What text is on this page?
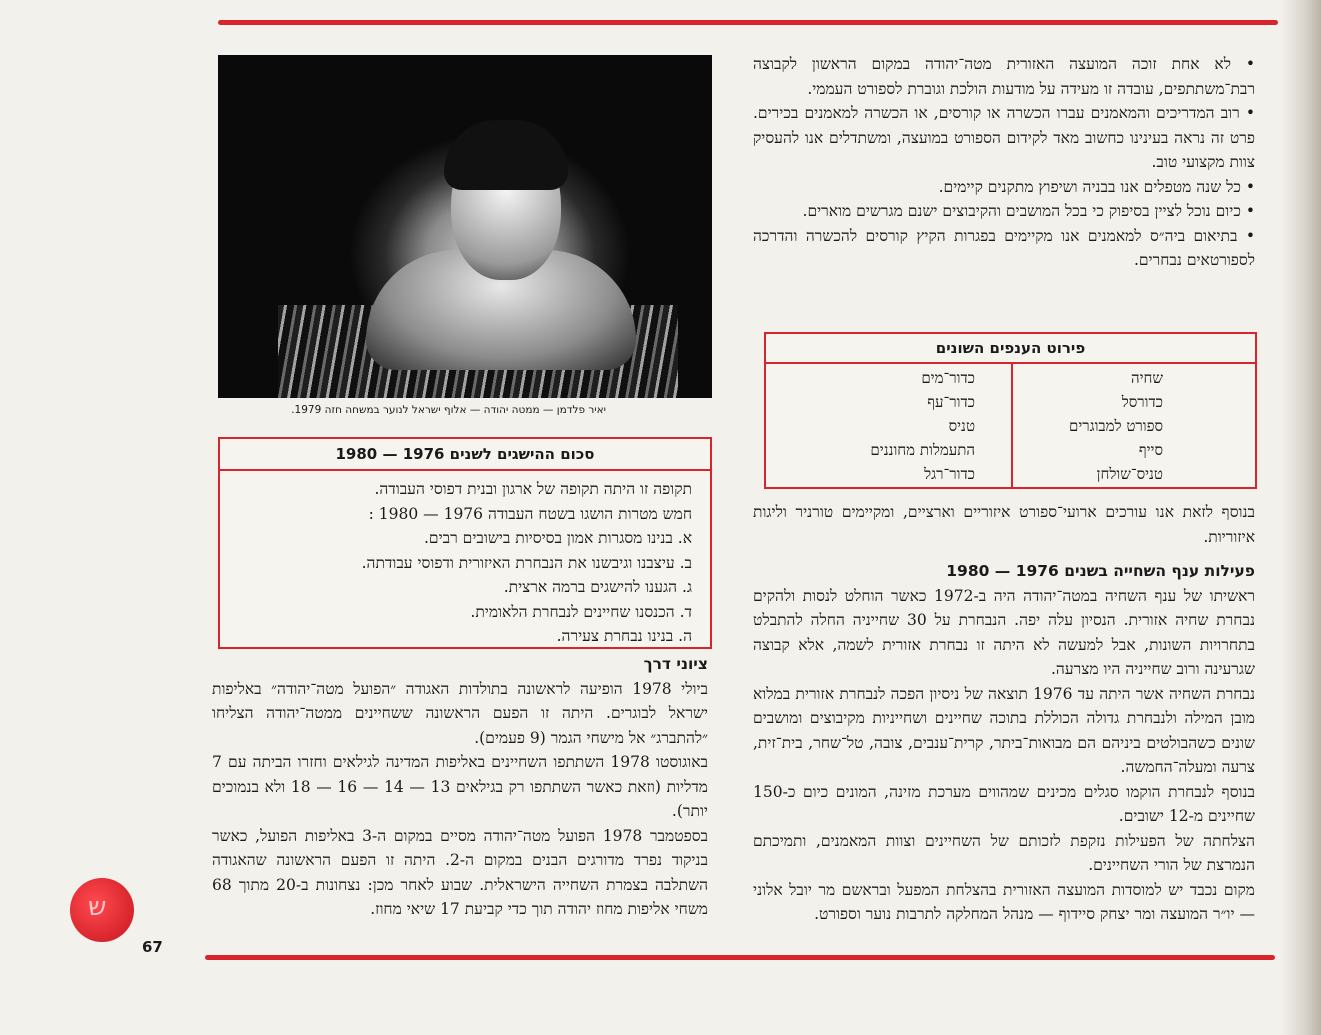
• לא אחת זוכה המועצה האזורית מטה־יהודה במקום הראשון לקבוצה רבת־משתתפים, עובדה זו מעידה על מודעות הולכת וגוברת לספורט העממי.

• רוב המדריכים והמאמנים עברו הכשרה או קורסים, או הכשרה למאמנים בכירים. פרט זה נראה בעינינו כחשוב מאד לקידום הספורט במועצה, ומשתדלים אנו להעסיק צוות מקצועי טוב.

• כל שנה מטפלים אנו בבניה ושיפוץ מתקנים קיימים.

• כיום נוכל לציין בסיפוק כי בכל המושבים והקיבוצים ישנם מגרשים מוארים.

• בתיאום ביה״ס למאמנים אנו מקיימים בפגרות הקיץ קורסים להכשרה והדרכה לספורטאים נבחרים.

פירוט הענפים השונים
שחיה
כדורסל
ספורט למבוגרים
סייף
טניס־שולחן
כדור־מים
כדור־עף
טניס
התעמלות מחוננים
כדור־רגל

בנוסף לזאת אנו עורכים ארועי־ספורט איזוריים וארציים, ומקיימים טורניר וליגות איזוריות.

פעילות ענף השחייה בשנים 1976 — 1980

ראשיתו של ענף השחיה במטה־יהודה היה ב-1972 כאשר הוחלט לנסות ולהקים נבחרת שחיה אזורית. הנסיון עלה יפה. הנבחרת על 30 שחייניה החלה להתבלט בתחרויות השונות, אבל למעשה לא היתה זו נבחרת אזורית לשמה, אלא קבוצה שגרעינה ורוב שחייניה היו מצרעה.

נבחרת השחיה אשר היתה עד 1976 תוצאה של ניסיון הפכה לנבחרת אזורית במלוא מובן המילה ולנבחרת גדולה הכוללת בתוכה שחיינים ושחייניות מקיבוצים ומושבים שונים כשהבולטים ביניהם הם מבואות־ביתר, קרית־ענבים, צובה, טל־שחר, בית־זית, צרעה ומעלה־החמשה.

בנוסף לנבחרת הוקמו סגלים מכינים שמהווים מערכת מזינה, המונים כיום כ-150 שחיינים מ-12 ישובים.

הצלחתה של הפעילות נזקפת לזכותם של השחיינים וצוות המאמנים, ותמיכתם הנמרצת של הורי השחיינים.

מקום נכבד יש למוסדות המועצה האזורית בהצלחת המפעל ובראשם מר יובל אלוני — יו״ר המועצה ומר יצחק סיידוף — מנהל המחלקה לתרבות נוער וספורט.

יאיר פלדמן — ממטה יהודה — אלוף ישראל לנוער במשחה חזה 1979.
סכום ההישגים לשנים 1976 — 1980
תקופה זו היתה תקופה של ארגון ובנית דפוסי העבודה.
חמש מטרות הושגו בשטח העבודה 1976 — 1980 :
א. בנינו מסגרות אמון בסיסיות בישובים רבים.
ב. עיצבנו וגיבשנו את הנבחרת האיזורית ודפוסי עבודתה.
ג. הגענו להישגים ברמה ארצית.
ד. הכנסנו שחיינים לנבחרת הלאומית.
ה. בנינו נבחרת צעירה.

ציוני דרך

ביולי 1978 הופיעה לראשונה בתולדות האגודה ״הפועל מטה־יהודה״ באליפות ישראל לבוגרים. היתה זו הפעם הראשונה ששחיינים ממטה־יהודה הצליחו ״להתברג״ אל מישחי הגמר (9 פעמים).

באוגוסטו 1978 השתתפו השחיינים באליפות המדינה לגילאים וחזרו הביתה עם 7 מדליות (וזאת כאשר השתתפו רק בגילאים 13 — 14 — 16 — 18 ולא בנמוכים יותר).

בספטמבר 1978 הפועל מטה־יהודה מסיים במקום ה-3 באליפות הפועל, כאשר בניקוד נפרד מדורגים הבנים במקום ה-2. היתה זו הפעם הראשונה שהאגודה השתלבה בצמרת השחייה הישראלית. שבוע לאחר מכן: נצחונות ב-20 מתוך 68 משחי אליפות מחוז יהודה תוך כדי קביעת 17 שיאי מחוז.

ש
67
